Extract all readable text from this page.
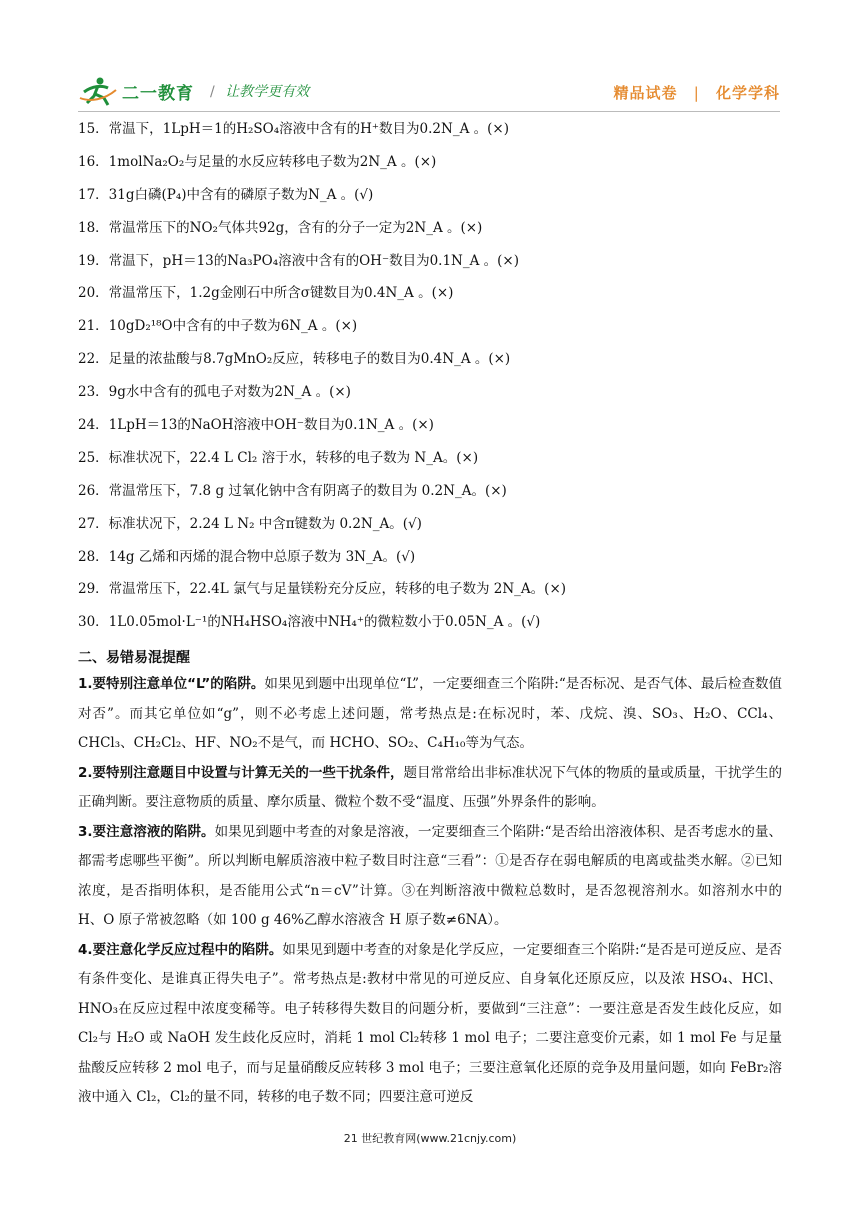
二一教育 / 让教学更有效	精品试卷 | 化学学科
15．常温下，1LpH＝1的H₂SO₄溶液中含有的H⁺数目为0.2N_A 。(×)
16．1molNa₂O₂与足量的水反应转移电子数为2N_A 。(×)
17．31g白磷(P₄)中含有的磷原子数为N_A 。(√)
18．常温常压下的NO₂气体共92g，含有的分子一定为2N_A 。(×)
19．常温下，pH＝13的Na₃PO₄溶液中含有的OH⁻数目为0.1N_A 。(×)
20．常温常压下，1.2g金刚石中所含σ键数目为0.4N_A 。(×)
21．10gD₂¹⁸O中含有的中子数为6N_A 。(×)
22．足量的浓盐酸与8.7gMnO₂反应，转移电子的数目为0.4N_A 。(×)
23．9g水中含有的孤电子对数为2N_A 。(×)
24．1LpH＝13的NaOH溶液中OH⁻数目为0.1N_A 。(×)
25．标准状况下，22.4 L Cl₂ 溶于水，转移的电子数为 N_A。(×)
26．常温常压下，7.8 g 过氧化钠中含有阴离子的数目为 0.2N_A。(×)
27．标准状况下，2.24 L N₂ 中含π键数为 0.2N_A。(√)
28．14g 乙烯和丙烯的混合物中总原子数为 3N_A。(√)
29．常温常压下，22.4L 氯气与足量镁粉充分反应，转移的电子数为 2N_A。(×)
30．1L0.05mol·L⁻¹的NH₄HSO₄溶液中NH₄⁺的微粒数小于0.05N_A 。(√)
二、易错易混提醒

1.要特别注意单位“L”的陷阱。如果见到题中出现单位“L”，一定要细查三个陷阱:“是否标况、是否气体、最后检查数值对否”。而其它单位如“g”，则不必考虑上述问题，常考热点是:在标况时，苯、戊烷、溴、SO₃、H₂O、CCl₄、CHCl₃、CH₂Cl₂、HF、NO₂不是气，而 HCHO、SO₂、C₄H₁₀等为气态。

2.要特别注意题目中设置与计算无关的一些干扰条件，题目常常给出非标准状况下气体的物质的量或质量，干扰学生的正确判断。要注意物质的质量、摩尔质量、微粒个数不受“温度、压强”外界条件的影响。

3.要注意溶液的陷阱。如果见到题中考查的对象是溶液，一定要细查三个陷阱:“是否给出溶液体积、是否考虑水的量、都需考虑哪些平衡”。所以判断电解质溶液中粒子数目时注意“三看”：①是否存在弱电解质的电离或盐类水解。②已知浓度，是否指明体积，是否能用公式“n＝cV”计算。③在判断溶液中微粒总数时，是否忽视溶剂水。如溶剂水中的 H、O 原子常被忽略（如 100 g 46%乙醇水溶液含 H 原子数≠6NA）。

4.要注意化学反应过程中的陷阱。如果见到题中考查的对象是化学反应，一定要细查三个陷阱:“是否是可逆反应、是否有条件变化、是谁真正得失电子”。常考热点是:教材中常见的可逆反应、自身氧化还原反应，以及浓 HSO₄、HCl、HNO₃在反应过程中浓度变稀等。电子转移得失数目的问题分析，要做到“三注意”：一要注意是否发生歧化反应，如 Cl₂与 H₂O 或 NaOH 发生歧化反应时，消耗 1 mol Cl₂转移 1 mol 电子；二要注意变价元素，如 1 mol Fe 与足量盐酸反应转移 2 mol 电子，而与足量硝酸反应转移 3 mol 电子；三要注意氧化还原的竞争及用量问题，如向 FeBr₂溶液中通入 Cl₂，Cl₂的量不同，转移的电子数不同；四要注意可逆反

21 世纪教育网(www.21cnjy.com)
